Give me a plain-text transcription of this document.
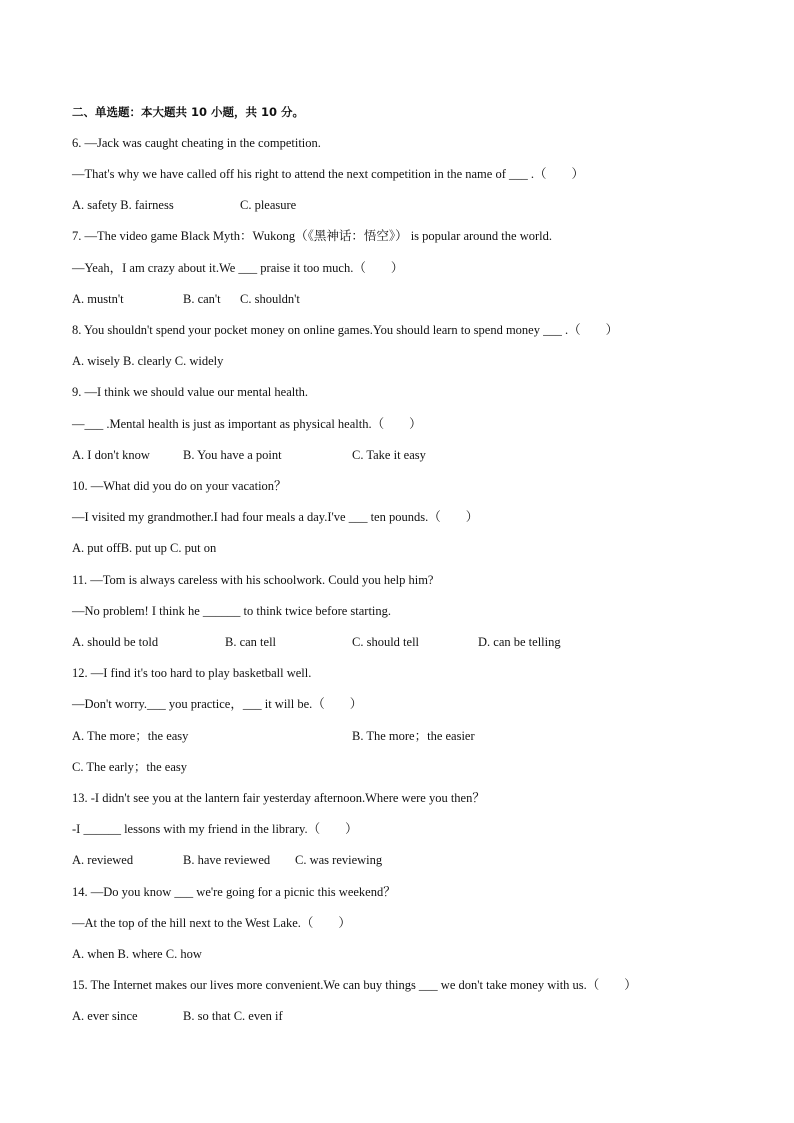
二、单选题：本大题共 10 小题，共 10 分。
6. —Jack was caught cheating in the competition.
—That's why we have called off his right to attend the next competition in the name of ___ .（　　）
A. safety B. fairness	C. pleasure
7. —The video game Black Myth：Wukong（《黑神话：悟空》） is popular around the world.
—Yeah，I am crazy about it.We ___ praise it too much.（　　）
A. mustn't	B. can't C. shouldn't
8. You shouldn't spend your pocket money on online games.You should learn to spend money ___ .（　　）
A. wisely B. clearly C. widely
9. —I think we should value our mental health.
—___ .Mental health is just as important as physical health.（　　）
A. I don't know	B. You have a point	C. Take it easy
10. —What did you do on your vacation？
—I visited my grandmother.I had four meals a day.I've ___ ten pounds.（　　）
A. put offB. put up C. put on
11. —Tom is always careless with his schoolwork. Could you help him?
—No problem! I think he ______ to think twice before starting.
A. should be told	B. can tell	C. should tell	D. can be telling
12. —I find it's too hard to play basketball well.
—Don't worry.___ you practice，___ it will be.（　　）
A. The more；the easy	B. The more；the easier
C. The early；the easy
13. -I didn't see you at the lantern fair yesterday afternoon.Where were you then？
-I ______ lessons with my friend in the library.（　　）
A. reviewed	B. have reviewed C. was reviewing
14. —Do you know ___ we're going for a picnic this weekend？
—At the top of the hill next to the West Lake.（　　）
A. when B. where C. how
15. The Internet makes our lives more convenient.We can buy things ___ we don't take money with us.（　　）
A. ever since	B. so that C. even if
